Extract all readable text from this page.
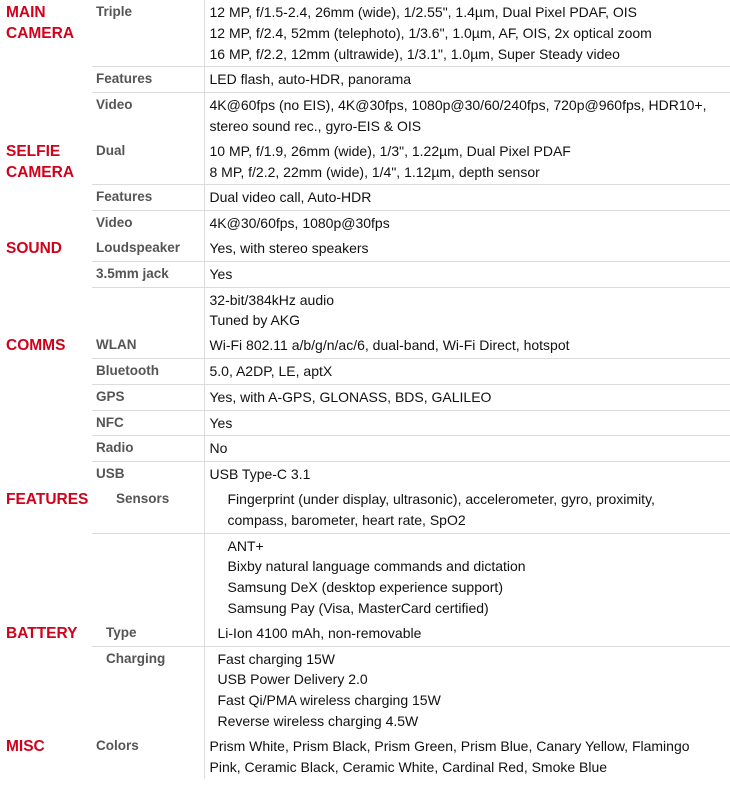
MAIN
CAMERA	Triple	12 MP, f/1.5-2.4, 26mm (wide), 1/2.55", 1.4µm, Dual Pixel PDAF, OIS
12 MP, f/2.4, 52mm (telephoto), 1/3.6", 1.0µm, AF, OIS, 2x optical zoom
16 MP, f/2.2, 12mm (ultrawide), 1/3.1", 1.0µm, Super Steady video

	Features	LED flash, auto-HDR, panorama

	Video	4K@60fps (no EIS), 4K@30fps, 1080p@30/60/240fps, 720p@960fps, HDR10+,
stereo sound rec., gyro-EIS & OIS

SELFIE
CAMERA	Dual	10 MP, f/1.9, 26mm (wide), 1/3", 1.22µm, Dual Pixel PDAF
8 MP, f/2.2, 22mm (wide), 1/4", 1.12µm, depth sensor

	Features	Dual video call, Auto-HDR

	Video	4K@30/60fps, 1080p@30fps

SOUND	Loudspeaker	Yes, with stereo speakers

	3.5mm jack	Yes

		32-bit/384kHz audio
Tuned by AKG

COMMS	WLAN	Wi-Fi 802.11 a/b/g/n/ac/6, dual-band, Wi-Fi Direct, hotspot

	Bluetooth	5.0, A2DP, LE, aptX

	GPS	Yes, with A-GPS, GLONASS, BDS, GALILEO

	NFC	Yes

	Radio	No

	USB	USB Type-C 3.1

FEATURES	Sensors	Fingerprint (under display, ultrasonic), accelerometer, gyro, proximity,
compass, barometer, heart rate, SpO2

		ANT+
Bixby natural language commands and dictation
Samsung DeX (desktop experience support)
Samsung Pay (Visa, MasterCard certified)

BATTERY	Type	Li-Ion 4100 mAh, non-removable

	Charging	Fast charging 15W
USB Power Delivery 2.0
Fast Qi/PMA wireless charging 15W
Reverse wireless charging 4.5W

MISC	Colors	Prism White, Prism Black, Prism Green, Prism Blue, Canary Yellow, Flamingo
Pink, Ceramic Black, Ceramic White, Cardinal Red, Smoke Blue
